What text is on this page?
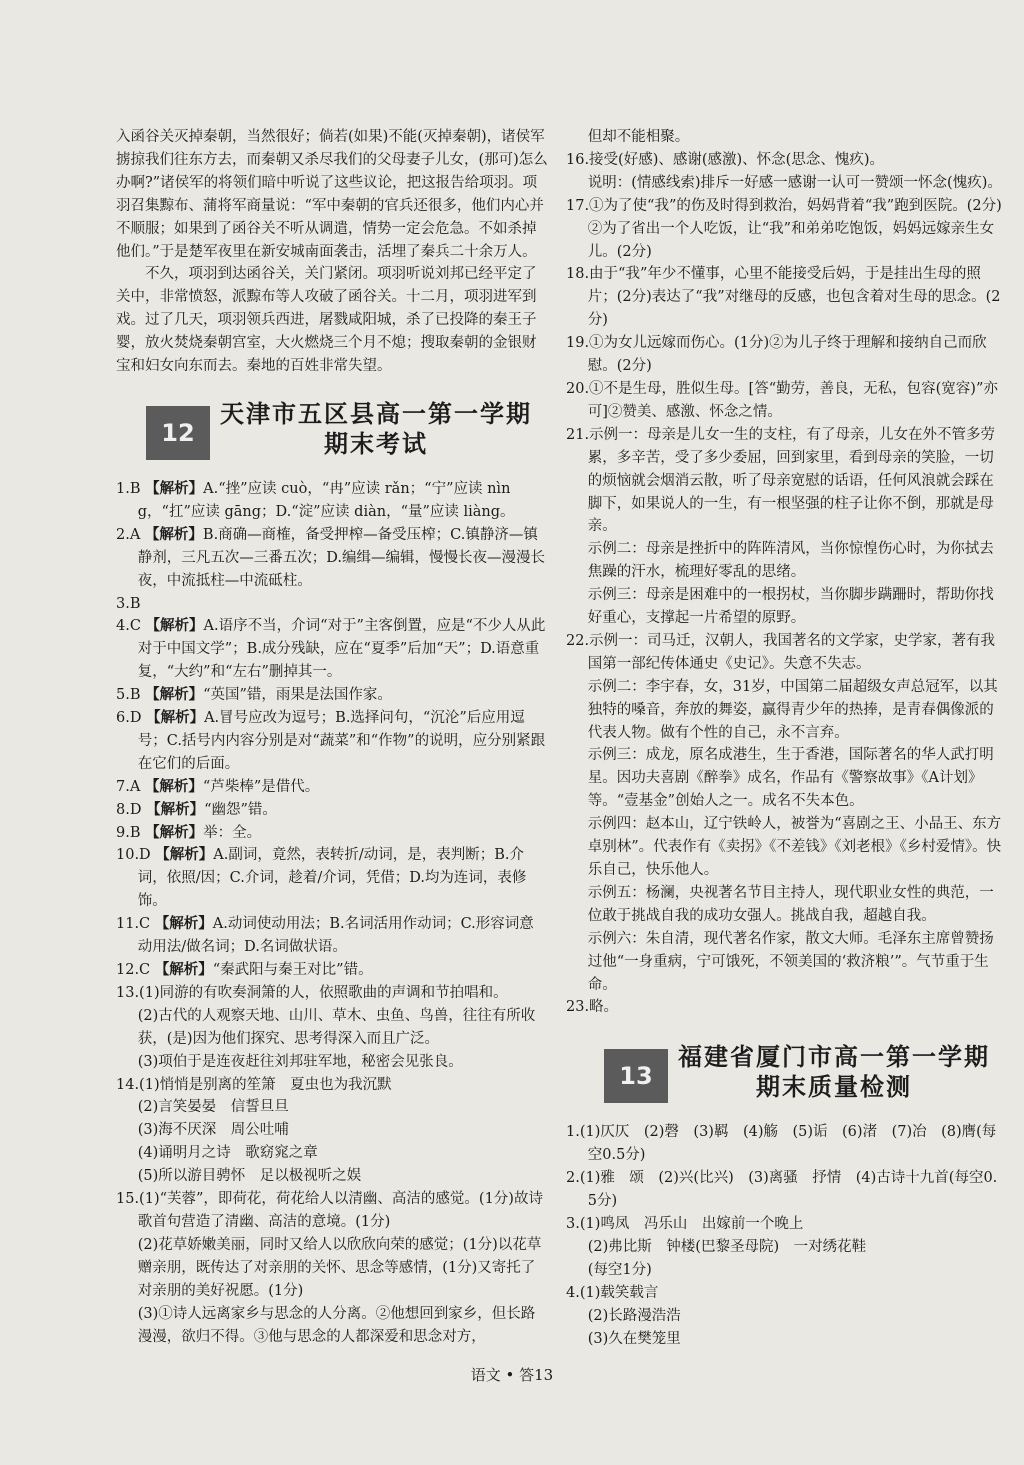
入函谷关灭掉秦朝，当然很好；倘若(如果)不能(灭掉秦朝)，诸侯军掳掠我们往东方去，而秦朝又杀尽我们的父母妻子儿女，(那可)怎么办啊?”诸侯军的将领们暗中听说了这些议论，把这报告给项羽。项羽召集黥布、蒲将军商量说：“军中秦朝的官兵还很多，他们内心并不顺服；如果到了函谷关不听从调遣，情势一定会危急。不如杀掉他们。”于是楚军夜里在新安城南面袭击，活埋了秦兵二十余万人。

不久，项羽到达函谷关，关门紧闭。项羽听说刘邦已经平定了关中，非常愤怒，派黥布等人攻破了函谷关。十二月，项羽进军到戏。过了几天，项羽领兵西进，屠戮咸阳城，杀了已投降的秦王子婴，放火焚烧秦朝宫室，大火燃烧三个月不熄；搜取秦朝的金银财宝和妇女向东而去。秦地的百姓非常失望。

12
天津市五区县高一第一学期
期末考试

1.B 【解析】A.“挫”应读 cuò，“冉”应读 rǎn；“宁”应读 nìng，“扛”应读 gāng；D.“淀”应读 diàn，“量”应读 liàng。

2.A 【解析】B.商确—商榷，备受押榨—备受压榨；C.镇静济—镇静剂，三凡五次—三番五次；D.编缉—编辑，慢慢长夜—漫漫长夜，中流抵柱—中流砥柱。

3.B

4.C 【解析】A.语序不当，介词“对于”主客倒置，应是“不少人从此对于中国文学”；B.成分残缺，应在“夏季”后加“天”；D.语意重复，“大约”和“左右”删掉其一。

5.B 【解析】“英国”错，雨果是法国作家。

6.D 【解析】A.冒号应改为逗号；B.选择问句，“沉沦”后应用逗号；C.括号内内容分别是对“蔬菜”和“作物”的说明，应分别紧跟在它们的后面。

7.A 【解析】“芦柴棒”是借代。

8.D 【解析】“幽怨”错。

9.B 【解析】举：全。

10.D 【解析】A.副词，竟然，表转折/动词，是，表判断；B.介词，依照/因；C.介词，趁着/介词，凭借；D.均为连词，表修饰。

11.C 【解析】A.动词使动用法；B.名词活用作动词；C.形容词意动用法/做名词；D.名词做状语。

12.C 【解析】“秦武阳与秦王对比”错。

13.(1)同游的有吹奏洞箫的人，依照歌曲的声调和节拍唱和。

(2)古代的人观察天地、山川、草木、虫鱼、鸟兽，往往有所收获，(是)因为他们探究、思考得深入而且广泛。

(3)项伯于是连夜赶往刘邦驻军地，秘密会见张良。

14.(1)悄悄是别离的笙箫　夏虫也为我沉默

(2)言笑晏晏　信誓旦旦

(3)海不厌深　周公吐哺

(4)诵明月之诗　歌窈窕之章

(5)所以游目骋怀　足以极视听之娱

15.(1)“芙蓉”，即荷花，荷花给人以清幽、高洁的感觉。(1分)故诗歌首句营造了清幽、高洁的意境。(1分)

(2)花草娇嫩美丽，同时又给人以欣欣向荣的感觉；(1分)以花草赠亲朋，既传达了对亲朋的关怀、思念等感情，(1分)又寄托了对亲朋的美好祝愿。(1分)

(3)①诗人远离家乡与思念的人分离。②他想回到家乡，但长路漫漫，欲归不得。③他与思念的人都深爱和思念对方，

但却不能相聚。

16.接受(好感)、感谢(感激)、怀念(思念、愧疚)。

说明：(情感线索)排斥一好感一感谢一认可一赞颂一怀念(愧疚)。

17.①为了使“我”的伤及时得到救治，妈妈背着“我”跑到医院。(2分)②为了省出一个人吃饭，让“我”和弟弟吃饱饭，妈妈远嫁亲生女儿。(2分)

18.由于“我”年少不懂事，心里不能接受后妈，于是挂出生母的照片；(2分)表达了“我”对继母的反感，也包含着对生母的思念。(2分)

19.①为女儿远嫁而伤心。(1分)②为儿子终于理解和接纳自己而欣慰。(2分)

20.①不是生母，胜似生母。[答“勤劳，善良，无私，包容(宽容)”亦可]②赞美、感激、怀念之情。

21.示例一：母亲是儿女一生的支柱，有了母亲，儿女在外不管多劳累，多辛苦，受了多少委屈，回到家里，看到母亲的笑脸，一切的烦恼就会烟消云散，听了母亲宽慰的话语，任何风浪就会踩在脚下，如果说人的一生，有一根坚强的柱子让你不倒，那就是母亲。

示例二：母亲是挫折中的阵阵清风，当你惊惶伤心时，为你拭去焦躁的汗水，梳理好零乱的思绪。

示例三：母亲是困难中的一根拐杖，当你脚步蹒跚时，帮助你找好重心，支撑起一片希望的原野。

22.示例一：司马迁，汉朝人，我国著名的文学家，史学家，著有我国第一部纪传体通史《史记》。失意不失志。

示例二：李宇春，女，31岁，中国第二届超级女声总冠军，以其独特的嗓音，奔放的舞姿，赢得青少年的热捧，是青春偶像派的代表人物。做有个性的自己，永不言弃。

示例三：成龙，原名成港生，生于香港，国际著名的华人武打明星。因功夫喜剧《醉拳》成名，作品有《警察故事》《A计划》等。“壹基金”创始人之一。成名不失本色。

示例四：赵本山，辽宁铁岭人，被誉为“喜剧之王、小品王、东方卓别林”。代表作有《卖拐》《不差钱》《刘老根》《乡村爱情》。快乐自己，快乐他人。

示例五：杨澜，央视著名节目主持人，现代职业女性的典范，一位敢于挑战自我的成功女强人。挑战自我，超越自我。

示例六：朱自清，现代著名作家，散文大师。毛泽东主席曾赞扬过他“一身重病，宁可饿死，不领美国的‘救济粮’”。气节重于生命。

23.略。

13
福建省厦门市高一第一学期
期末质量检测

1.(1)仄仄　(2)磬　(3)羁　(4)觞　(5)诟　(6)渚　(7)冶　(8)膺(每空0.5分)

2.(1)雅　颂　(2)兴(比兴)　(3)离骚　抒情　(4)古诗十九首(每空0.5分)

3.(1)鸣凤　冯乐山　出嫁前一个晚上

(2)弗比斯　钟楼(巴黎圣母院)　一对绣花鞋

(每空1分)

4.(1)载笑载言

(2)长路漫浩浩

(3)久在樊笼里

语文 • 答13
